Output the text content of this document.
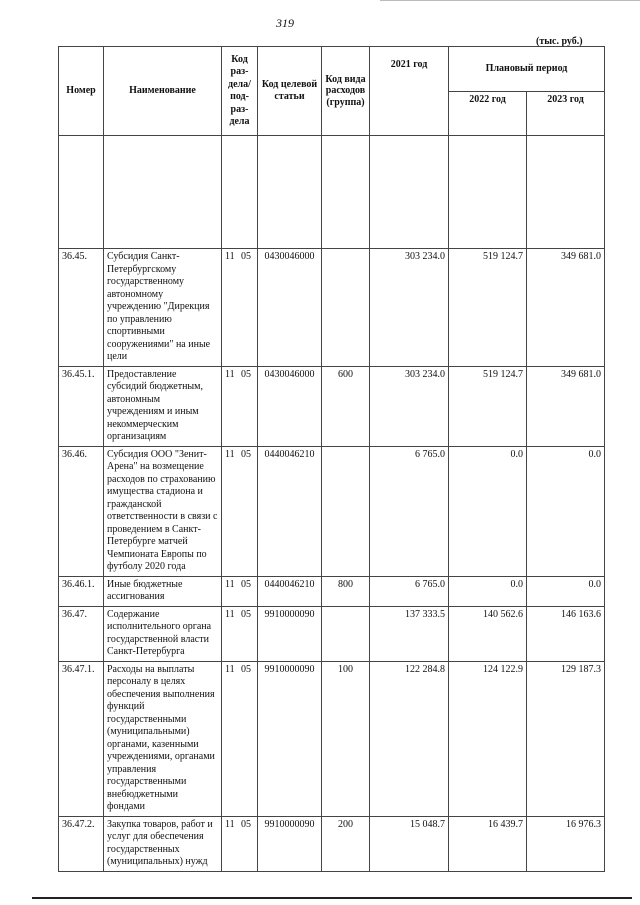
319
(тыс. руб.)
Номер	Наименование	Код раз-дела/ под-раз-дела	Код целевой статьи	Код вида расходов (группа)	2021 год	Плановый период	
						2022 год	2023 год

36.45.	Субсидия Санкт-Петербургскому государственному автономному учреждению "Дирекция по управлению спортивными сооружениями" на иные цели	11 05	0430046000		303 234.0	519 124.7	349 681.0
36.45.1.	Предоставление субсидий бюджетным, автономным учреждениям и иным некоммерческим организациям	11 05	0430046000	600	303 234.0	519 124.7	349 681.0
36.46.	Субсидия ООО "Зенит-Арена" на возмещение расходов по страхованию имущества стадиона и гражданской ответственности в связи с проведением в Санкт-Петербурге матчей Чемпионата Европы по футболу 2020 года	11 05	0440046210		6 765.0	0.0	0.0
36.46.1.	Иные бюджетные ассигнования	11 05	0440046210	800	6 765.0	0.0	0.0
36.47.	Содержание исполнительного органа государственной власти Санкт-Петербурга	11 05	9910000090		137 333.5	140 562.6	146 163.6
36.47.1.	Расходы на выплаты персоналу в целях обеспечения выполнения функций государственными (муниципальными) органами, казенными учреждениями, органами управления государственными внебюджетными фондами	11 05	9910000090	100	122 284.8	124 122.9	129 187.3
36.47.2.	Закупка товаров, работ и услуг для обеспечения государственных (муниципальных) нужд	11 05	9910000090	200	15 048.7	16 439.7	16 976.3
